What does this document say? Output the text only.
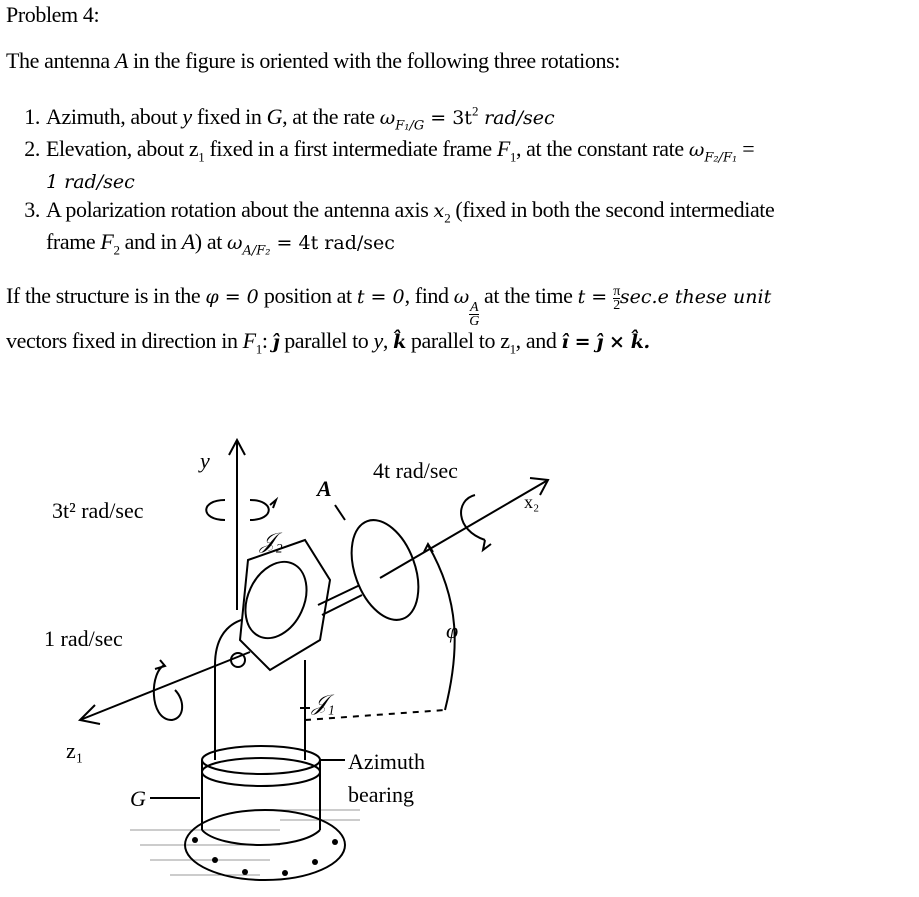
Problem 4:
The antenna A in the figure is oriented with the following three rotations:
1. Azimuth, about y fixed in G, at the rate $\omega_{F_1/G} = 3t^2$ rad/sec
2. Elevation, about $z_1$ fixed in a first intermediate frame $F_1$, at the constant rate $\omega_{F_2/F_1}$ =
1 rad/sec
3. A polarization rotation about the antenna axis $x_2$ (fixed in both the second intermediate
frame $F_2$ and in A) at $\omega_{A/F_2} = 4t$ rad/sec
If the structure is in the φ = 0 position at t = 0, find ω
$\frac{A}{G}$
at the time $t = \frac{\pi}{2} \sec.e$ these unit
vectors fixed in direction in $F_1$: ĵ parallel to y, k̂ parallel to $z_1$, and î = ĵ × k̂.
y
3t² rad/sec
𝒥₂
A
4t rad/sec
x₂
1 rad/sec	φ
𝒥₁
z₁	Azimuth
bearing
G
